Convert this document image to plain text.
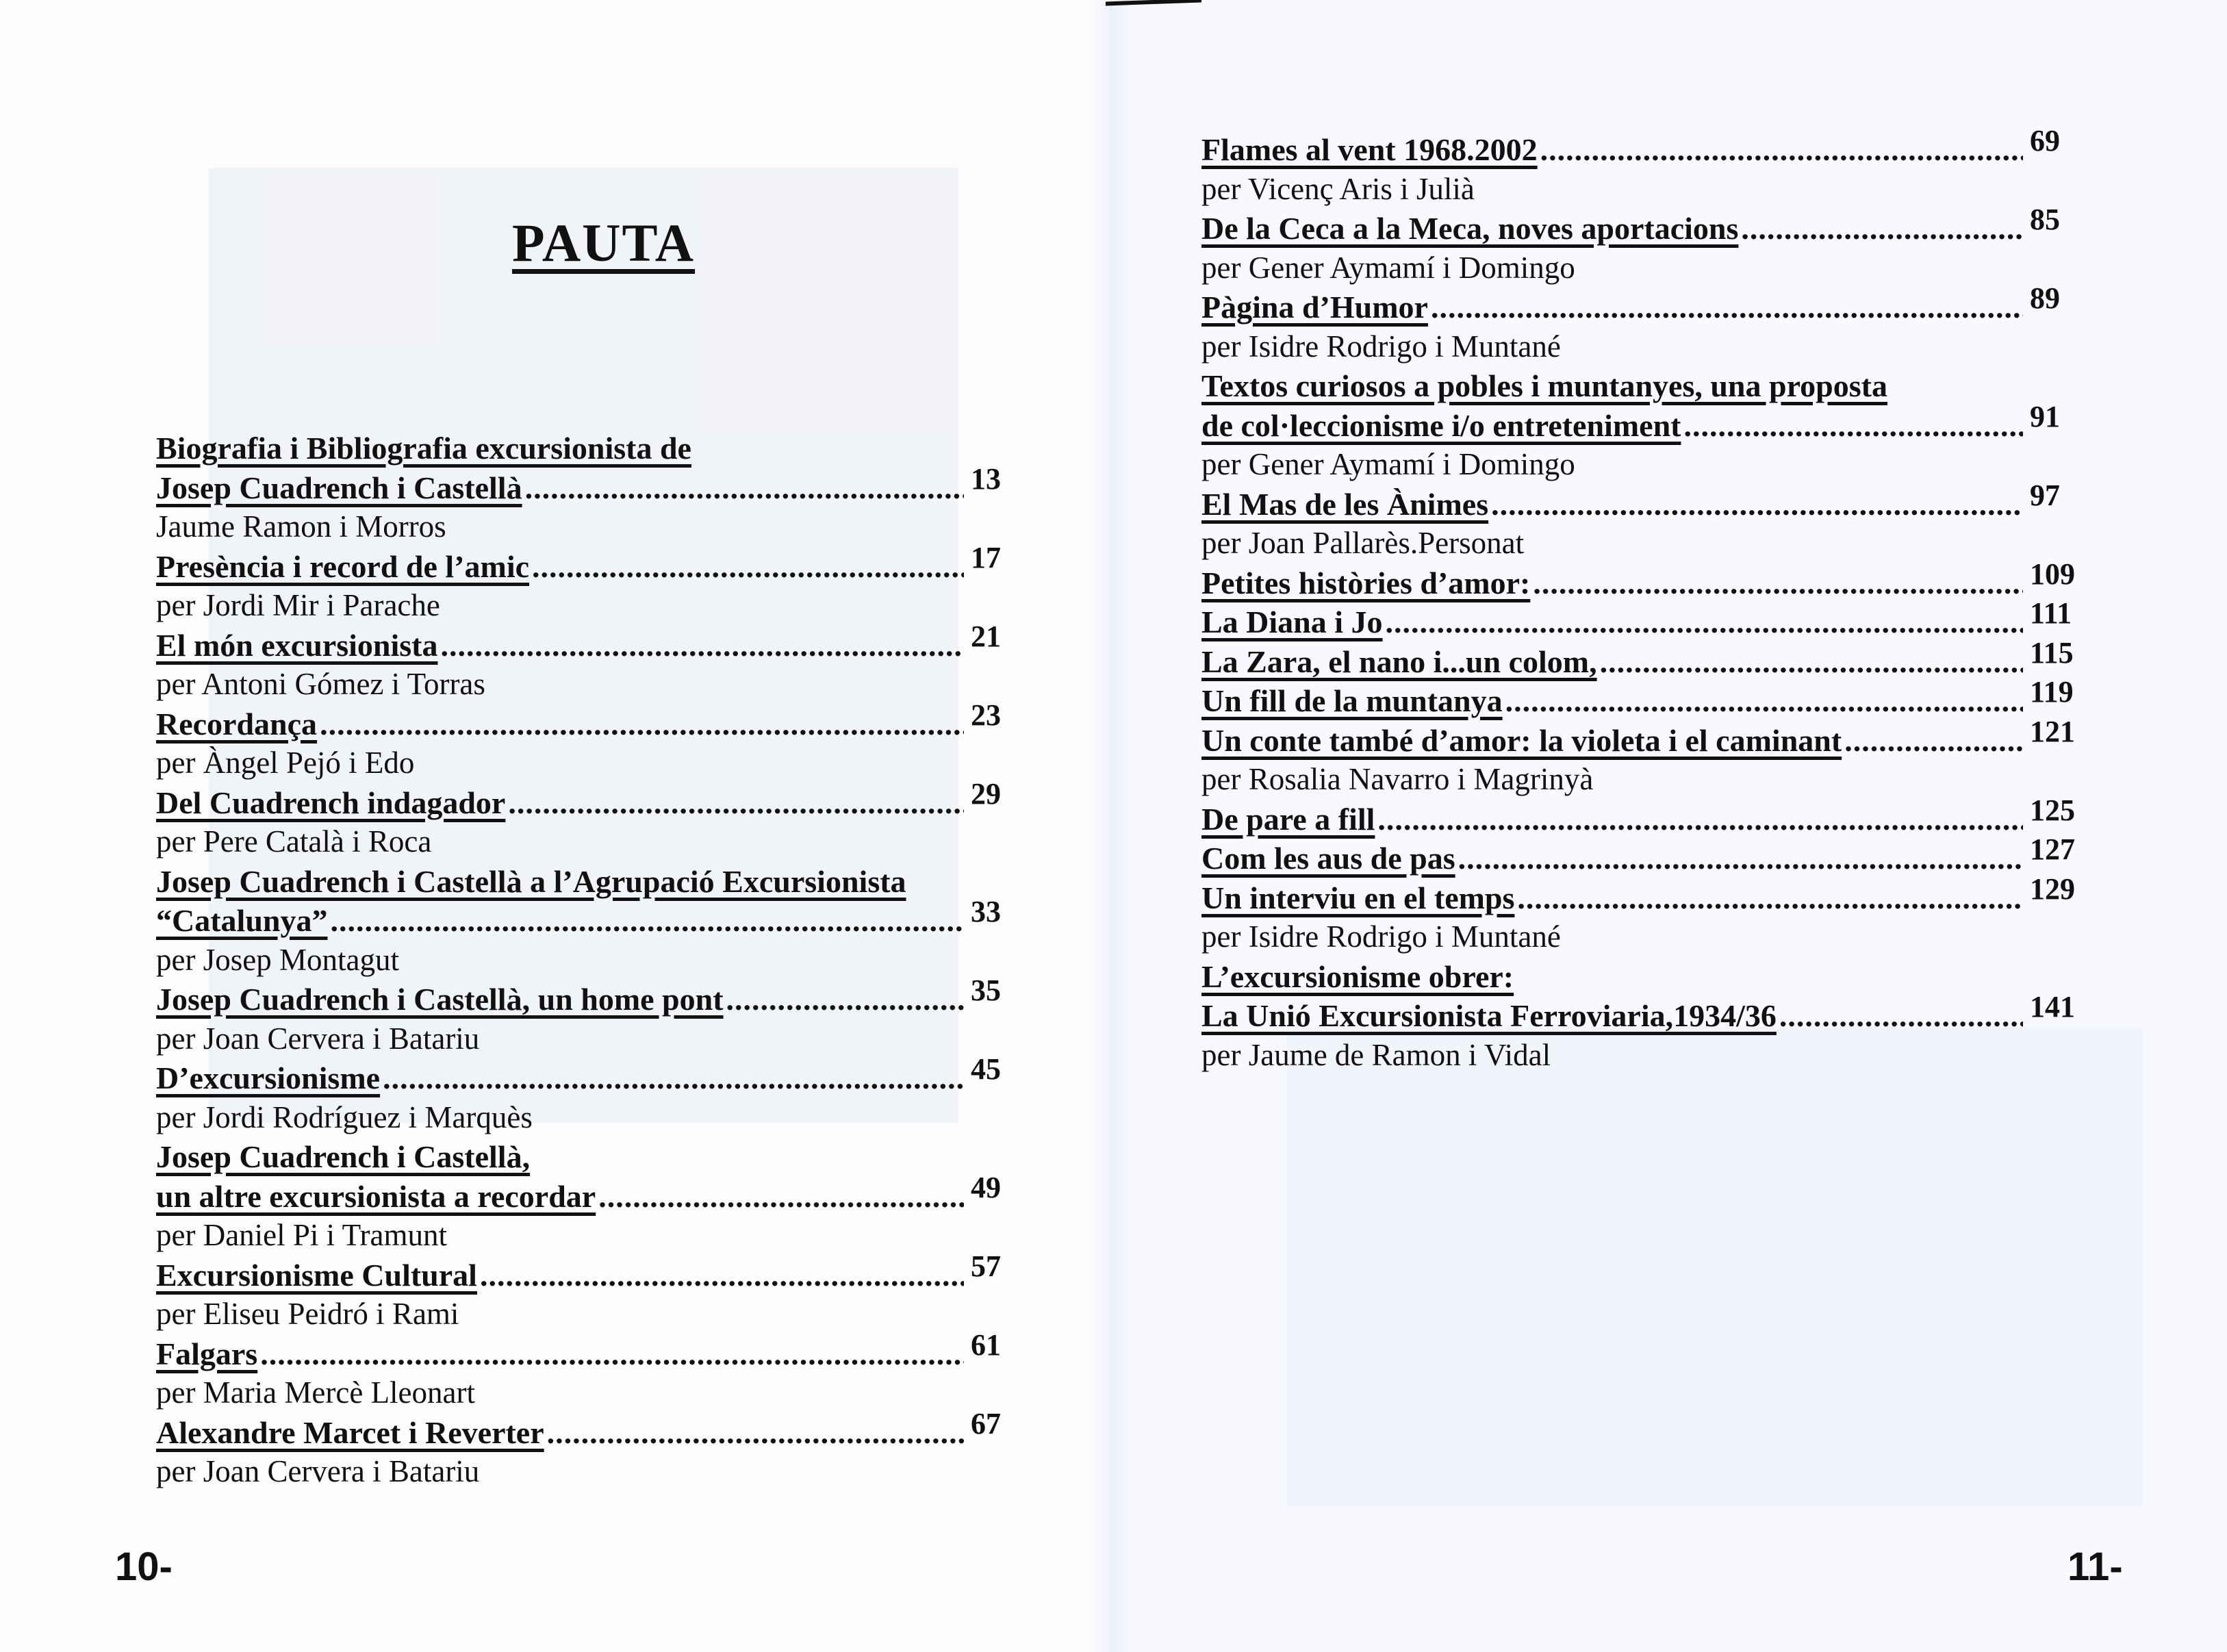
PAUTA
Biografia i Bibliografia excursionista de
Josep Cuadrench i Castellà .....	13
Jaume Ramon i Morros
Presència i record de l’amic .....	17
per Jordi Mir i Parache
El món excursionista .....	21
per Antoni Gómez i Torras
Recordança .....	23
per Àngel Pejó i Edo
Del Cuadrench indagador .....	29
per Pere Català i Roca
Josep Cuadrench i Castellà a l’Agrupació Excursionista
“Catalunya” .....	33
per Josep Montagut
Josep Cuadrench i Castellà, un home pont .....	35
per Joan Cervera i Batariu
D’excursionisme .....	45
per Jordi Rodríguez i Marquès
Josep Cuadrench i Castellà,
un altre excursionista a recordar .....	49
per Daniel Pi i Tramunt
Excursionisme Cultural .....	57
per Eliseu Peidró i Rami
Falgars .....	61
per Maria Mercè Lleonart
Alexandre Marcet i Reverter .....	67
per Joan Cervera i Batariu
Flames al vent 1968.2002 .....	69
per Vicenç Aris i Julià
De la Ceca a la Meca, noves aportacions .....	85
per Gener Aymamí i Domingo
Pàgina d’Humor .....	89
per Isidre Rodrigo i Muntané
Textos curiosos a pobles i muntanyes, una proposta
de col·leccionisme i/o entreteniment .....	91
per Gener Aymamí i Domingo
El Mas de les Ànimes .....	97
per Joan Pallarès.Personat
Petites històries d’amor: .....	109
La Diana i Jo .....	111
La Zara, el nano i...un colom, .....	115
Un fill de la muntanya .....	119
Un conte també d’amor: la violeta i el caminant .....	121
per Rosalia Navarro i Magrinyà
De pare a fill .....	125
Com les aus de pas .....	127
Un interviu en el temps .....	129
per Isidre Rodrigo i Muntané
L’excursionisme obrer:
La Unió Excursionista Ferroviaria,1934/36 .....	141
per Jaume de Ramon i Vidal
10-	11-
